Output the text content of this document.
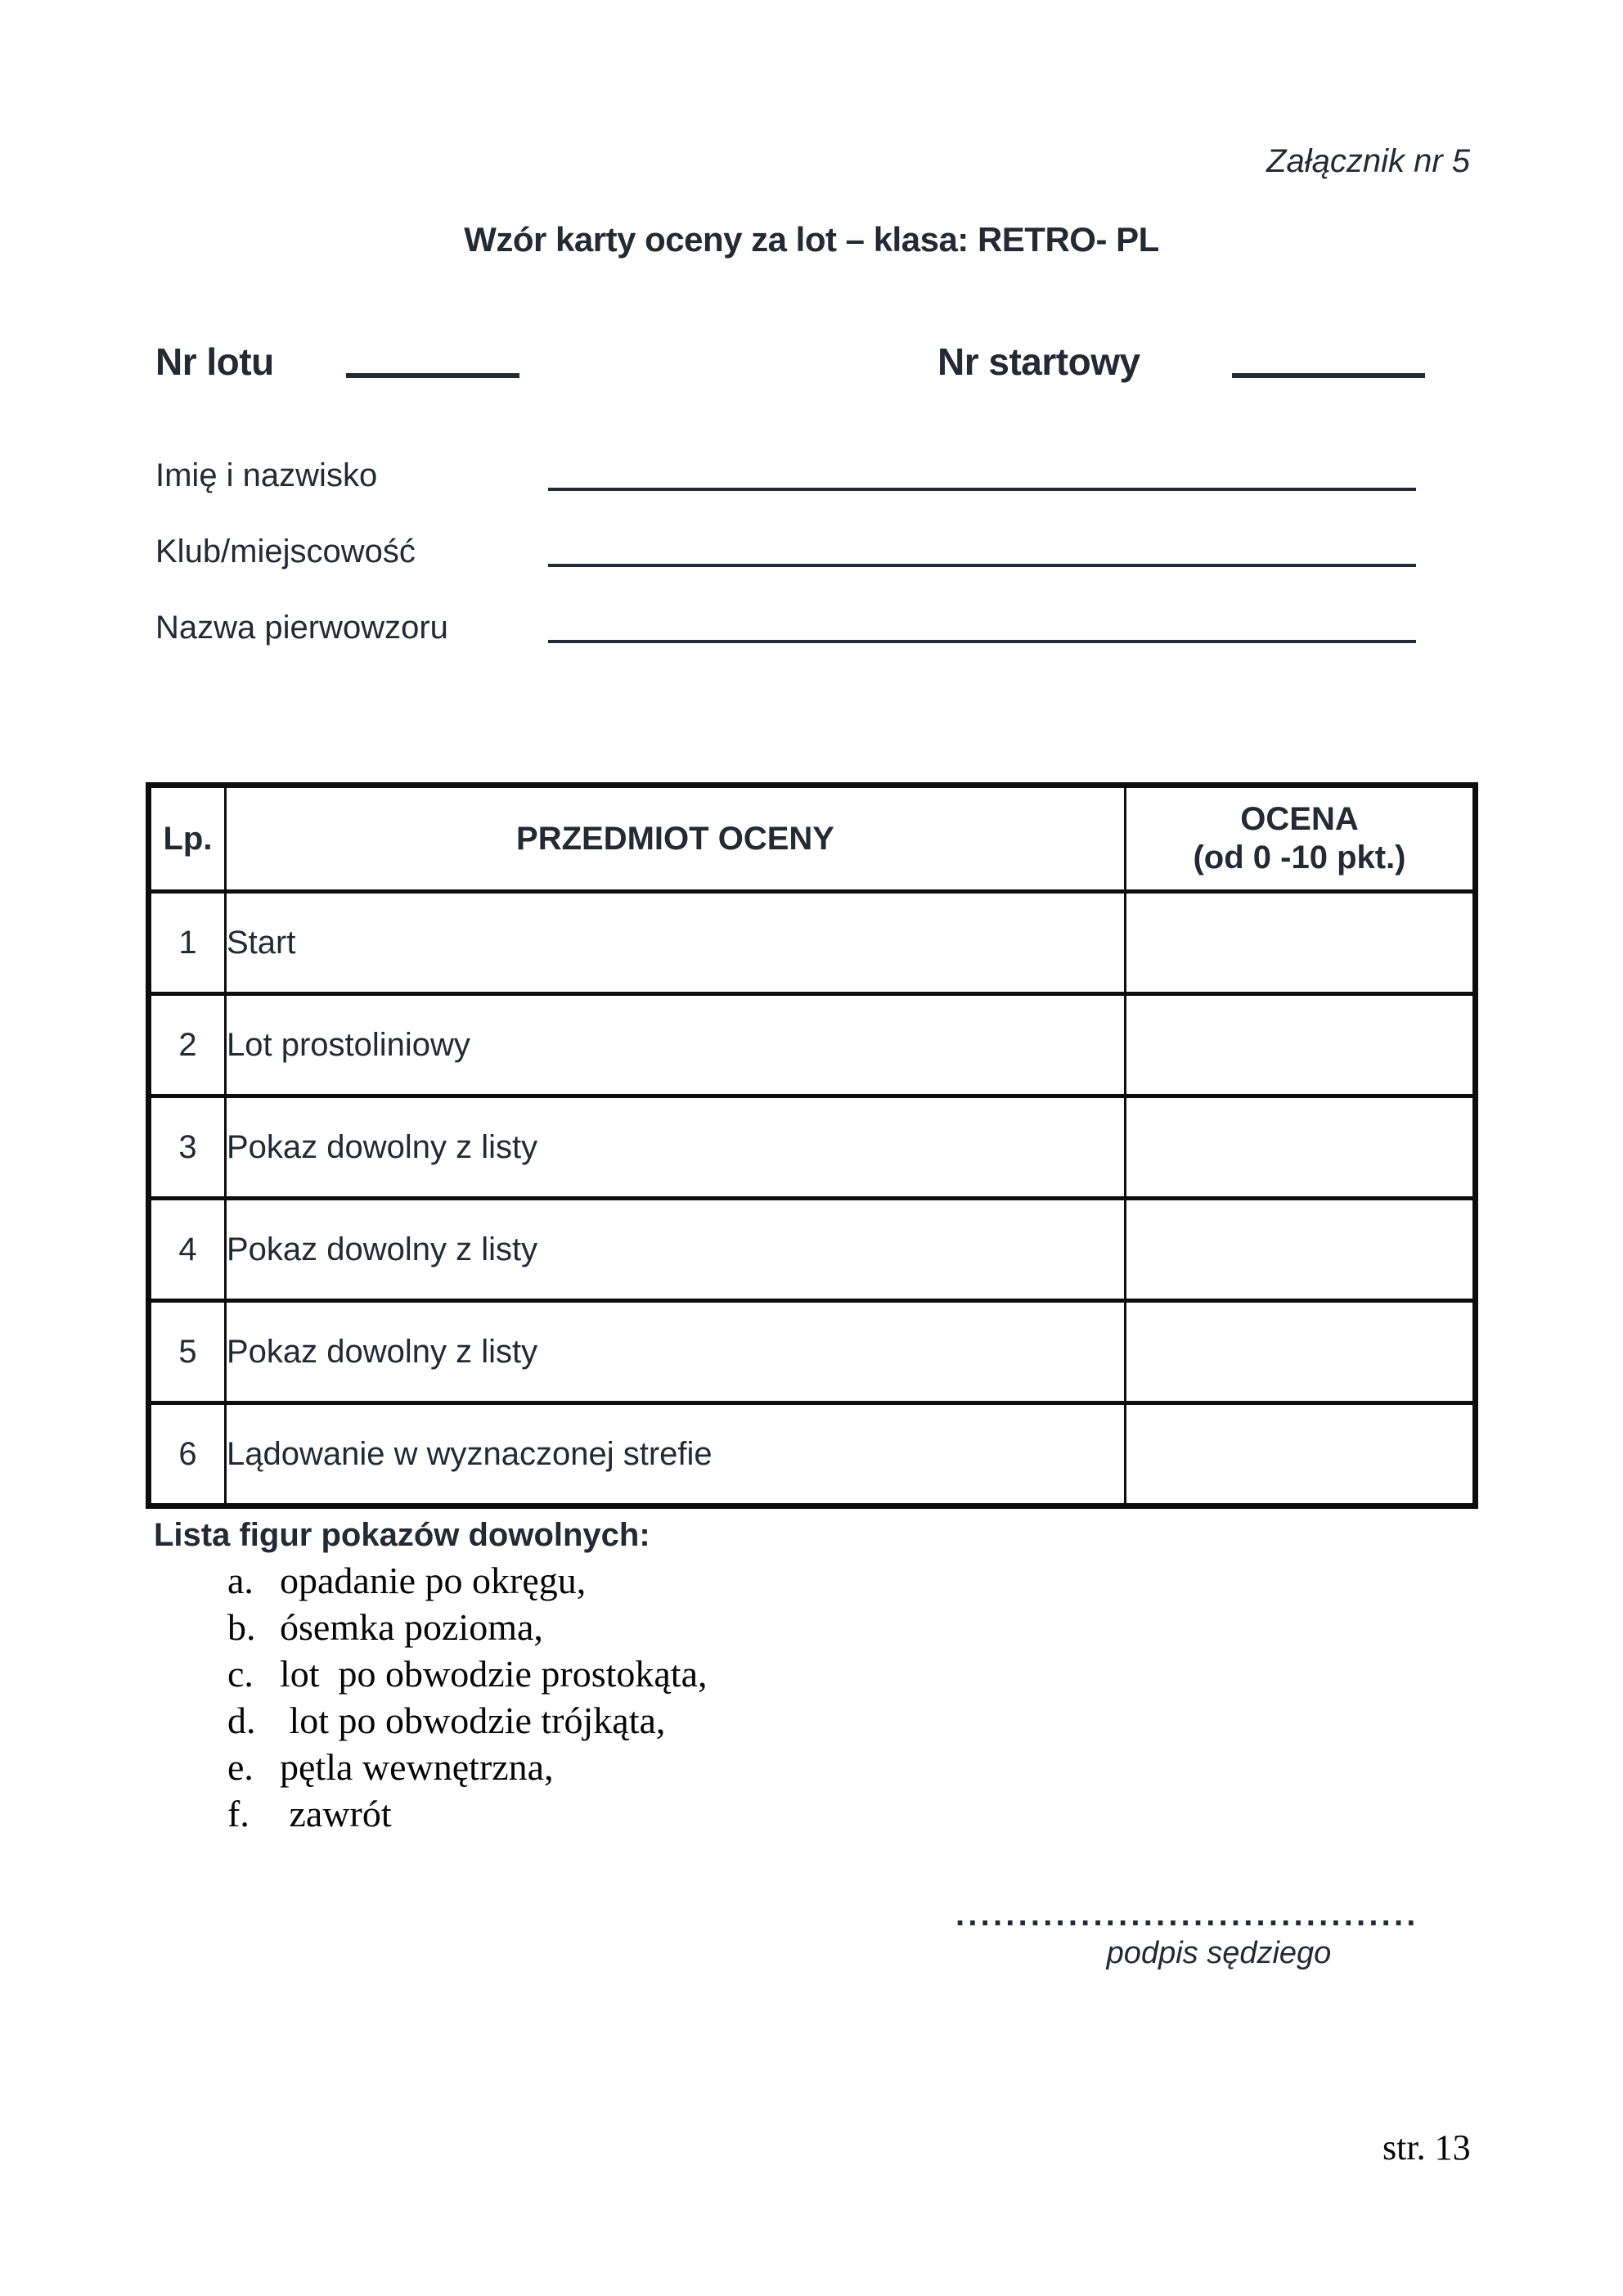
Załącznik nr 5
Wzór karty oceny za lot – klasa: RETRO- PL
Nr lotu	Nr startowy
Imię i nazwisko
Klub/miejscowość
Nazwa pierwowzoru
Lp.	PRZEDMIOT OCENY	OCENA
(od 0 -10 pkt.)
1	Start	
2	Lot prostoliniowy	
3	Pokaz dowolny z listy	
4	Pokaz dowolny z listy	
5	Pokaz dowolny z listy	
6	Lądowanie w wyznaczonej strefie	
Lista figur pokazów dowolnych:
a. opadanie po okręgu,
b. ósemka pozioma,
c. lot  po obwodzie prostokąta,
d. lot po obwodzie trójkąta,
e. pętla wewnętrzna,
f. zawrót
.....................................
podpis sędziego
str. 13
